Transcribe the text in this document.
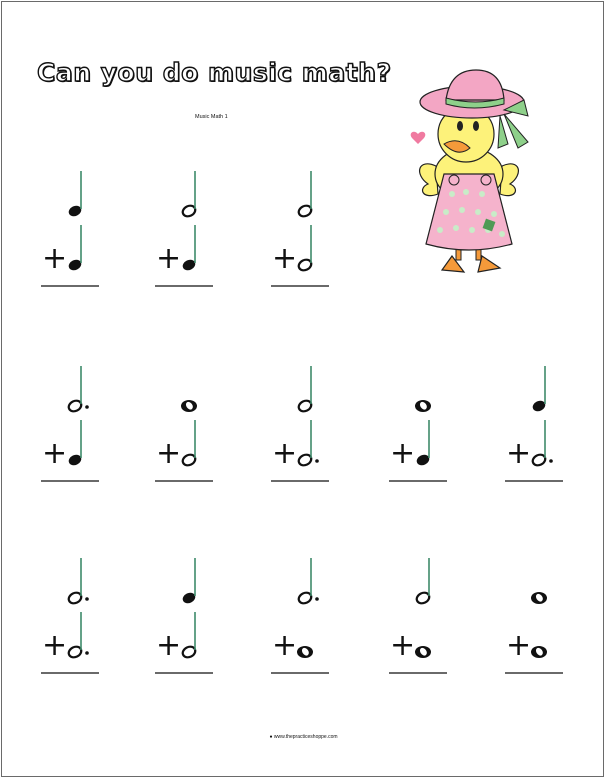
Can you do music math?
Music Math 1
+	+	+
+	+	+	+	+
+	+	+	+	+
● www.thepracticeshoppe.com
